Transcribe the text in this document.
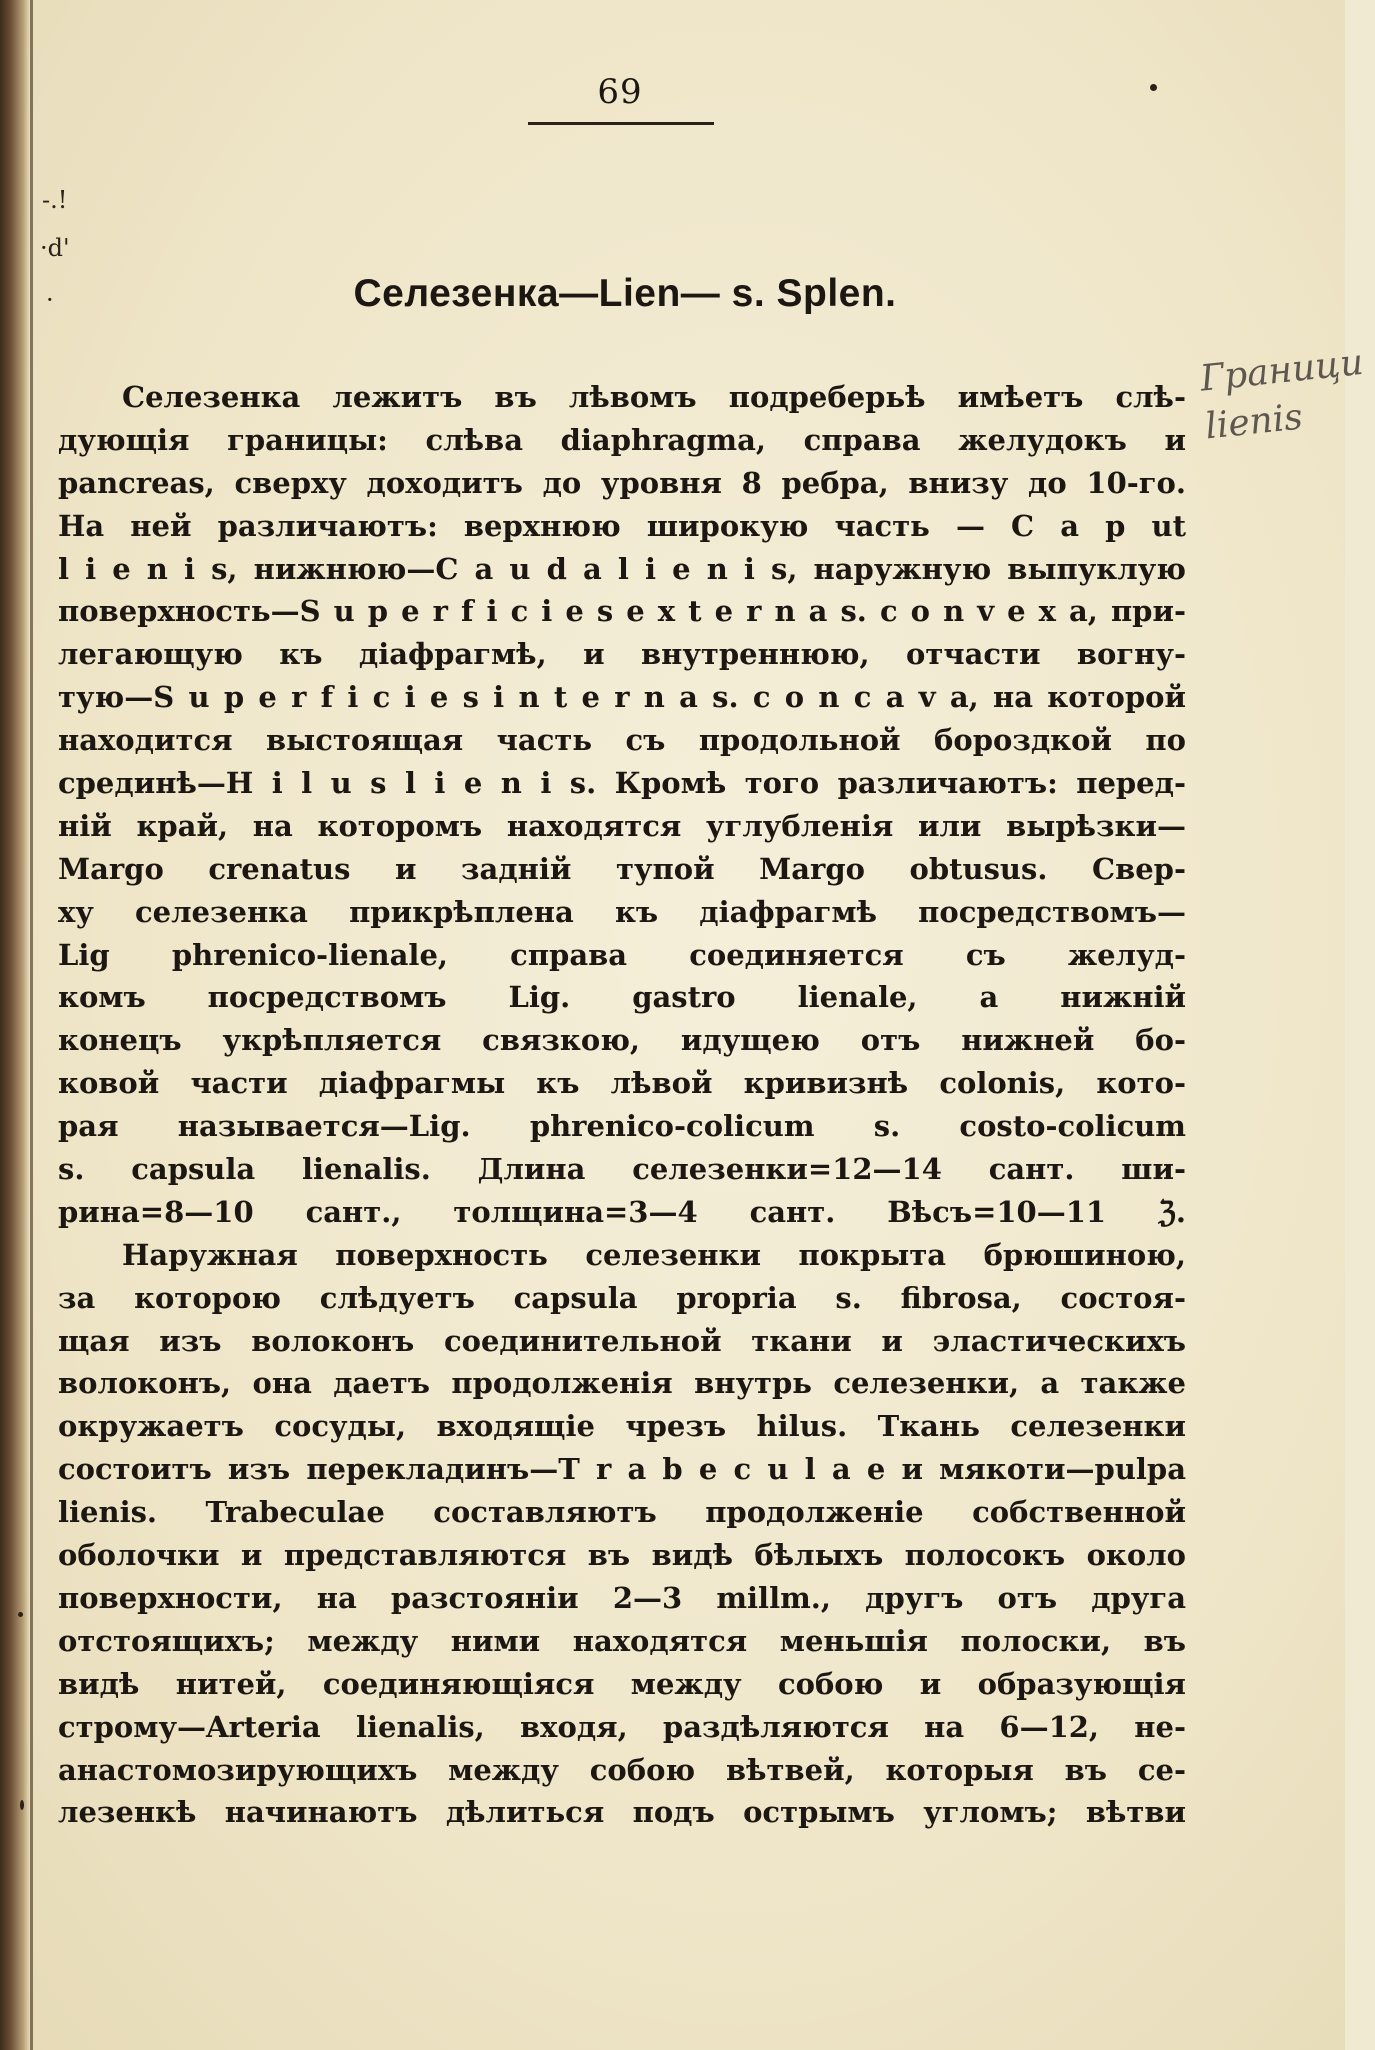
69
-.!
·d'
·	Селезенка—Lien— s. Splen.
Граници
lienis
Селезенка лежитъ въ лѣвомъ подреберьѣ имѣетъ слѣ-
дующія границы: слѣва diaphragma, справа желудокъ и
pancreas, сверху доходитъ до уровня 8 ребра, внизу до 10-го.
На ней различаютъ: верхнюю широкую часть — C a p ut
l i e n i s, нижнюю—C a u d a l i e n i s, наружную выпуклую
поверхность—S u p e r f i c i e s e x t e r n a s. c o n v e x a, при-
легающую къ діафрагмѣ, и внутреннюю, отчасти вогну-
тую—S u p e r f i c i e s i n t e r n a s. c o n c a v a, на которой
находится выстоящая часть съ продольной бороздкой по
срединѣ—H i l u s l i e n i s. Кромѣ того различаютъ: перед-
ній край, на которомъ находятся углубленія или вырѣзки—
Margo crenatus и задній тупой Margo obtusus. Свер-
ху селезенка прикрѣплена къ діафрагмѣ посредствомъ—
Lig phrenico-lienale, справа соединяется съ желуд-
комъ посредствомъ Lig. gastro lienale, а нижній
конецъ укрѣпляется связкою, идущею отъ нижней бо-
ковой части діафрагмы къ лѣвой кривизнѣ colonis, кото-
рая называется—Lig. phrenico-colicum s. costo-colicum
s. capsula lienalis. Длина селезенки=12—14 сант. ши-
рина=8—10 сант., толщина=3—4 сант. Вѣсъ=10—11 ℨ.
Наружная поверхность селезенки покрыта брюшиною,
за которою слѣдуетъ capsula propria s. fibrosa, состоя-
щая изъ волоконъ соединительной ткани и эластическихъ
волоконъ, она даетъ продолженія внутрь селезенки, а также
окружаетъ сосуды, входящіе чрезъ hilus. Ткань селезенки
состоитъ изъ перекладинъ—T r a b e c u l a e и мякоти—pulpa
lienis. Trabeculae составляютъ продолженіе собственной
оболочки и представляются въ видѣ бѣлыхъ полосокъ около
поверхности, на разстояніи 2—3 millm., другъ отъ друга
отстоящихъ; между ними находятся меньшія полоски, въ
видѣ нитей, соединяющіяся между собою и образующія
строму—Arteria lienalis, входя, раздѣляются на 6—12, не-
анастомозирующихъ между собою вѣтвей, которыя въ се-
лезенкѣ начинаютъ дѣлиться подъ острымъ угломъ; вѣтви
